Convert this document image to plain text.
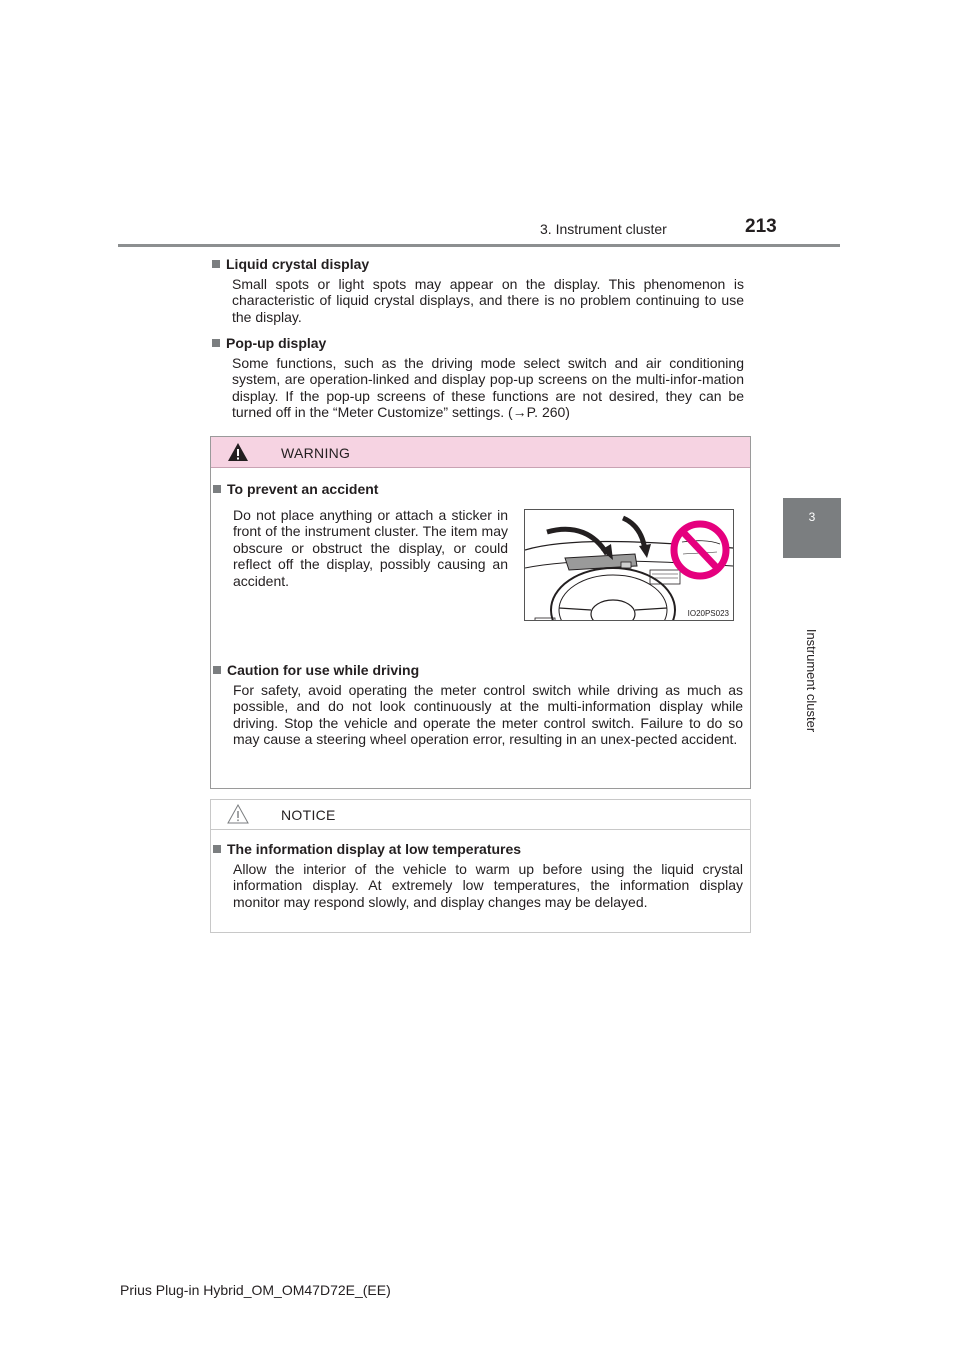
3. Instrument cluster	213
3
Instrument cluster
Liquid crystal display
Small spots or light spots may appear on the display. This phenomenon is characteristic of liquid crystal displays, and there is no problem continuing to use the display.
Pop-up display
Some functions, such as the driving mode select switch and air conditioning system, are operation-linked and display pop-up screens on the multi-infor-mation display. If the pop-up screens of these functions are not desired, they can be turned off in the “Meter Customize” settings. (→P. 260)
WARNING
To prevent an accident
Do not place anything or attach a sticker in front of the instrument cluster. The item may obscure or obstruct the display, or could reflect off the display, possibly causing an accident.
Caution for use while driving
For safety, avoid operating the meter control switch while driving as much as possible, and do not look continuously at the multi-information display while driving. Stop the vehicle and operate the meter control switch. Failure to do so may cause a steering wheel operation error, resulting in an unex-pected accident.
IO20PS023
NOTICE
The information display at low temperatures
Allow the interior of the vehicle to warm up before using the liquid crystal information display. At extremely low temperatures, the information display monitor may respond slowly, and display changes may be delayed.
Prius Plug-in Hybrid_OM_OM47D72E_(EE)
